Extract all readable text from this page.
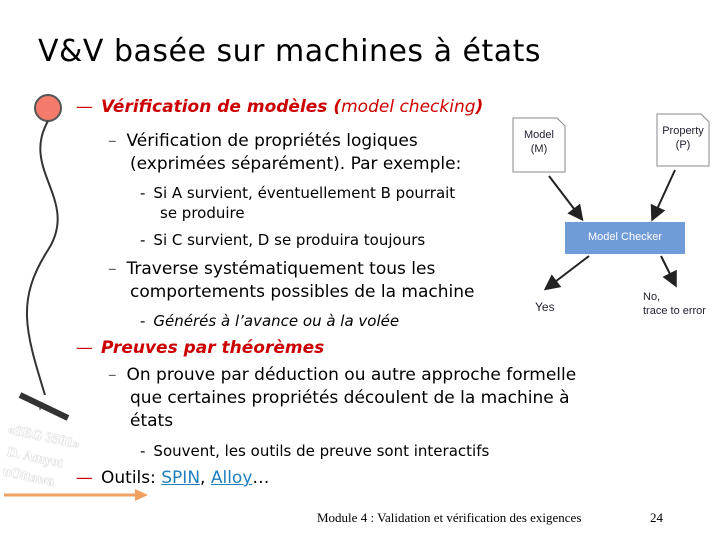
V&V basée sur machines à états
— Vérification de modèles (model checking)
– Vérification de propriétés logiques
(exprimées séparément). Par exemple:
- Si A survient, éventuellement B pourrait
se produire
- Si C survient, D se produira toujours
– Traverse systématiquement tous les
comportements possibles de la machine
- Générés à l’avance ou à la volée
— Preuves par théorèmes
– On prouve par déduction ou autre approche formelle
que certaines propriétés découlent de la machine à
états
- Souvent, les outils de preuve sont interactifs
— Outils: SPIN, Alloy…
«SEG 3501»
D. Amyot
uOttawa
Module 4 : Validation et vérification des exigences	24
Model
(M)
Property
(P)
Model Checker
Yes
No,
trace to error
